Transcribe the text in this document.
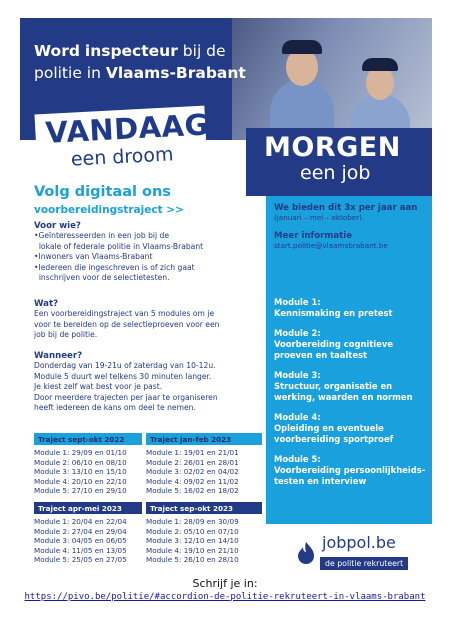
Word inspecteur bij de
politie in Vlaams-Brabant
VANDAAG
een droom	MORGEN
een job
Volg digitaal ons
voorbereidingstraject >>
Voor wie?
•Geïnteresseerden in een job bij de
lokale of federale politie in Vlaams-Brabant
•Inwoners van Vlaams-Brabant
•Iedereen die ingeschreven is of zich gaat
inschrijven voor de selectietesten.
Wat?
Een voorbereidingstraject van 5 modules om je
voor te bereiden op de selectieproeven voor een
job bij de politie.
Wanneer?
Donderdag van 19-21u of zaterdag van 10-12u.
Module 5 duurt wel telkens 30 minuten langer.
Je kiest zelf wat best voor je past.
Door meerdere trajecten per jaar te organiseren
heeft iedereen de kans om deel te nemen.
Traject sept-okt 2022
Module 1: 29/09 en 01/10
Module 2: 06/10 en 08/10
Module 3: 13/10 en 15/10
Module 4: 20/10 en 22/10
Module 5: 27/10 en 29/10
Traject jan-feb 2023
Module 1: 19/01 en 21/01
Module 2: 26/01 en 28/01
Module 3: 02/02 en 04/02
Module 4: 09/02 en 11/02
Module 5: 16/02 en 18/02
Traject apr-mei 2023
Module 1: 20/04 en 22/04
Module 2: 27/04 en 29/04
Module 3: 04/05 en 06/05
Module 4: 11/05 en 13/05
Module 5: 25/05 en 27/05
Traject sep-okt 2023
Module 1: 28/09 en 30/09
Module 2: 05/10 en 07/10
Module 3: 12/10 en 14/10
Module 4: 19/10 en 21/10
Module 5: 26/10 en 28/10
We bieden dit 3x per jaar aan
(januari – mei – oktober).
Meer informatie
start.politie@vlaamsbrabant.be
Module 1:
Kennismaking en pretest
Module 2:
Voorbereiding cognitieve
proeven en taaltest
Module 3:
Structuur, organisatie en
werking, waarden en normen
Module 4:
Opleiding en eventuele
voorbereiding sportproef
Module 5:
Voorbereiding persoonlijkheids-
testen en interview
jobpol.be
de politie rekruteert
Schrijf je in:
https://pivo.be/politie/#accordion-de-politie-rekruteert-in-vlaams-brabant
